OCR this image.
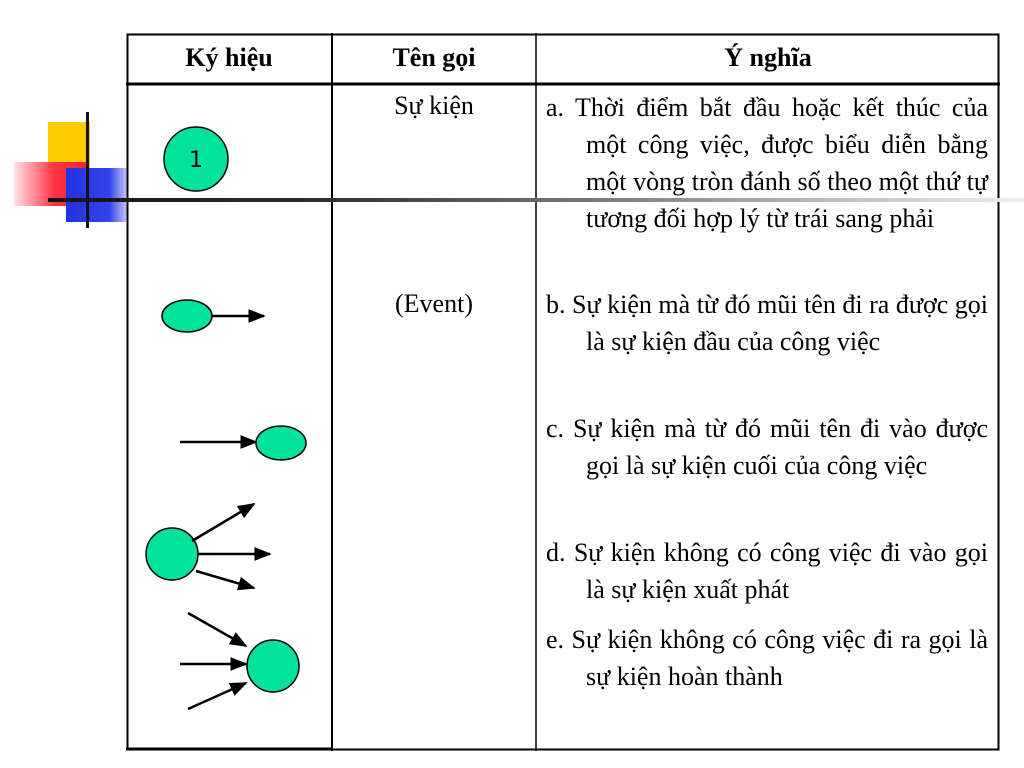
1
Ký hiệu	Tên gọi	Ý nghĩa
Sự kiện
(Event)

a. Thời điểm bắt đầu hoặc kết thúc của một công việc, được biểu diễn bằng một vòng tròn đánh số theo một thứ tự tương đối hợp lý từ trái sang phải

b. Sự kiện mà từ đó mũi tên đi ra được gọi là sự kiện đầu của công việc

c. Sự kiện mà từ đó mũi tên đi vào được gọi là sự kiện cuối của công việc

d. Sự kiện không có công việc đi vào gọi là sự kiện xuất phát

e. Sự kiện không có công việc đi ra gọi là sự kiện hoàn thành
